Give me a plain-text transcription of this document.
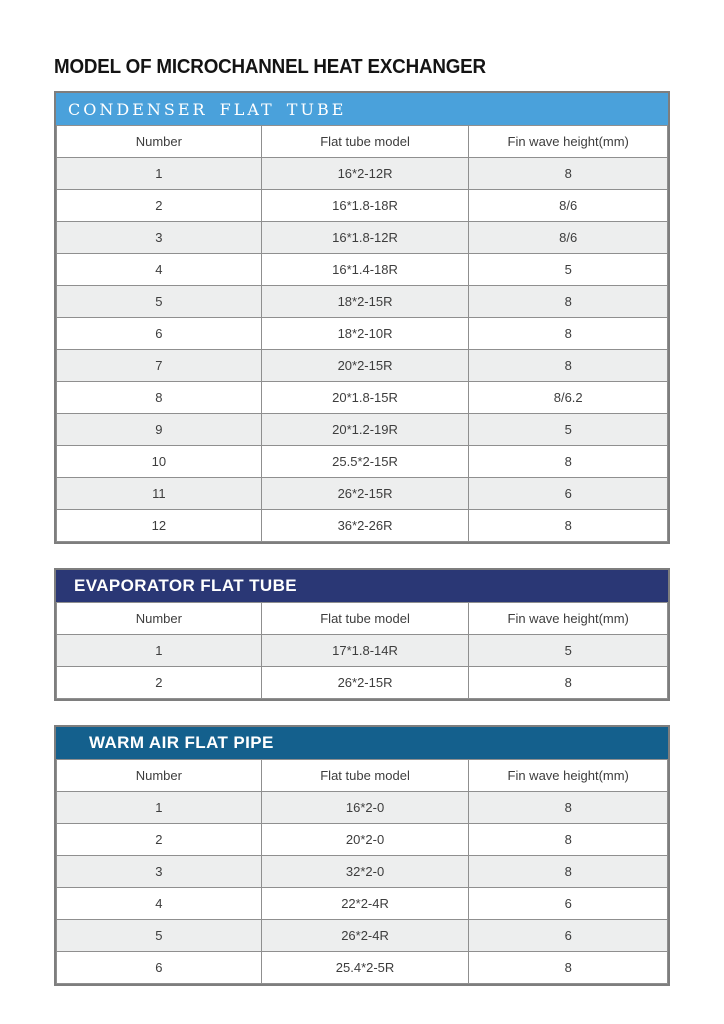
MODEL OF MICROCHANNEL HEAT EXCHANGER
CONDENSER FLAT TUBE
Number	Flat tube model	Fin wave height(mm)
1	16*2-12R	8
2	16*1.8-18R	8/6
3	16*1.8-12R	8/6
4	16*1.4-18R	5
5	18*2-15R	8
6	18*2-10R	8
7	20*2-15R	8
8	20*1.8-15R	8/6.2
9	20*1.2-19R	5
10	25.5*2-15R	8
11	26*2-15R	6
12	36*2-26R	8
EVAPORATOR FLAT TUBE
Number	Flat tube model	Fin wave height(mm)
1	17*1.8-14R	5
2	26*2-15R	8
WARM AIR FLAT PIPE
Number	Flat tube model	Fin wave height(mm)
1	16*2-0	8
2	20*2-0	8
3	32*2-0	8
4	22*2-4R	6
5	26*2-4R	6
6	25.4*2-5R	8
